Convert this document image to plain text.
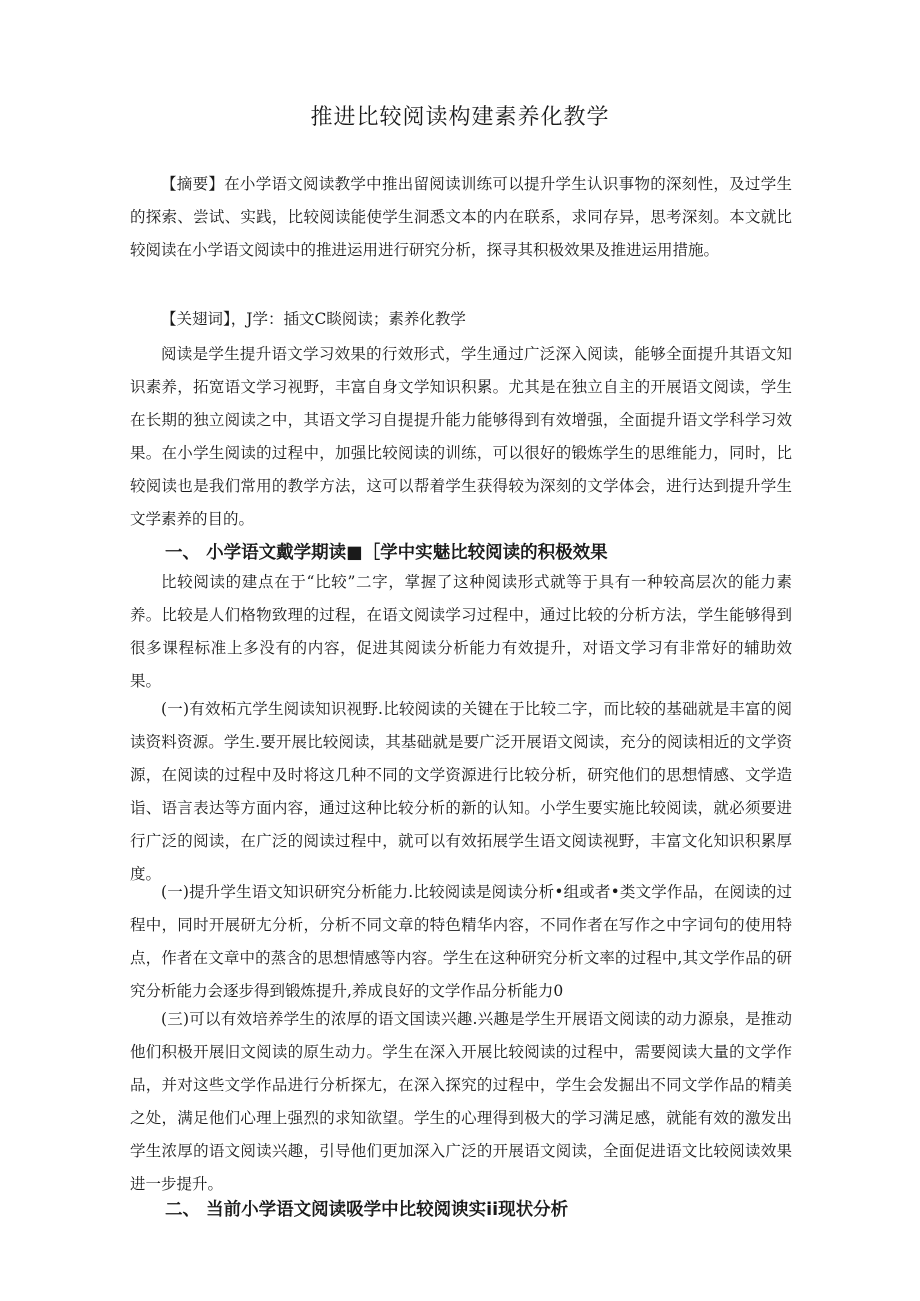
推进比较阅读构建素养化教学

【摘要】在小学语文阅读教学中推出留阅读训练可以提升学生认识事物的深刻性，及过学生的探索、尝试、实践，比较阅读能使学生洞悉文本的内在联系，求同存异，思考深刻。本文就比较阅读在小学语文阅读中的推进运用进行研究分析，探寻其积极效果及推进运用措施。

【关翅词】，J学：插文C睒阅读；素养化教学

阅读是学生提升语文学习效果的行效形式，学生通过广泛深入阅读，能够全面提升其语文知识素养，拓宽语文学习视野，丰富自身文学知识积累。尤其是在独立自主的开展语文阅读，学生在长期的独立阅读之中，其语文学习自提提升能力能够得到有效增强，全面提升语文学科学习效果。在小学生阅读的过程中，加强比较阅读的训练，可以很好的锻炼学生的思维能力，同时，比较阅读也是我们常用的教学方法，这可以帮着学生获得较为深刻的文学体会，进行达到提升学生文学素养的目的。

一、 小学语文戴学期读■［学中实魅比较阅读的积极效果

比较阅读的建点在于“比较”二字，掌握了这种阅读形式就等于具有一种较高层次的能力素养。比较是人们格物致理的过程，在语文阅读学习过程中，通过比较的分析方法，学生能够得到很多课程标准上多没有的内容，促进其阅读分析能力有效提升，对语文学习有非常好的辅助效果。

(一)有效柘亢学生阅读知识视野.比较阅读的关键在于比较二字，而比较的基础就是丰富的阅读资料资源。学生.要开展比较阅读，其基础就是要广泛开展语文阅读，充分的阅读相近的文学资源，在阅读的过程中及时将这几种不同的文学资源进行比较分析，研究他们的思想情感、文学造诣、语言表达等方面内容，通过这种比较分析的新的认知。小学生要实施比较阅读，就必须要进行广泛的阅读，在广泛的阅读过程中，就可以有效拓展学生语文阅读视野，丰富文化知识积累厚度。

(一)提升学生语文知识研究分析能力.比较阅读是阅读分析•组或者•类文学作品，在阅读的过程中，同时开展研尢分析，分析不同文章的特色精华内容，不同作者在写作之中字词句的使用特点，作者在文章中的蒸含的思想情感等内容。学生在这种研究分析文率的过程中,其文学作品的研究分析能力会逐步得到锻炼提升,养成良好的文学作品分析能力0

(三)可以有效培养学生的浓厚的语文国读兴趣.兴趣是学生开展语文阅读的动力源泉，是推动他们积极开展旧文阅读的原生动力。学生在深入开展比较阅读的过程中，需要阅读大量的文学作品，并对这些文学作品进行分析探尢，在深入探究的过程中，学生会发掘出不同文学作品的精美之处，满足他们心理上强烈的求知欲望。学生的心理得到极大的学习满足感，就能有效的激发出学生浓厚的语文阅读兴趣，引导他们更加深入广泛的开展语文阅读，全面促进语文比较阅读效果进一步提升。

二、 当前小学语文阅读吸学中比较阅谀实ii现状分析
